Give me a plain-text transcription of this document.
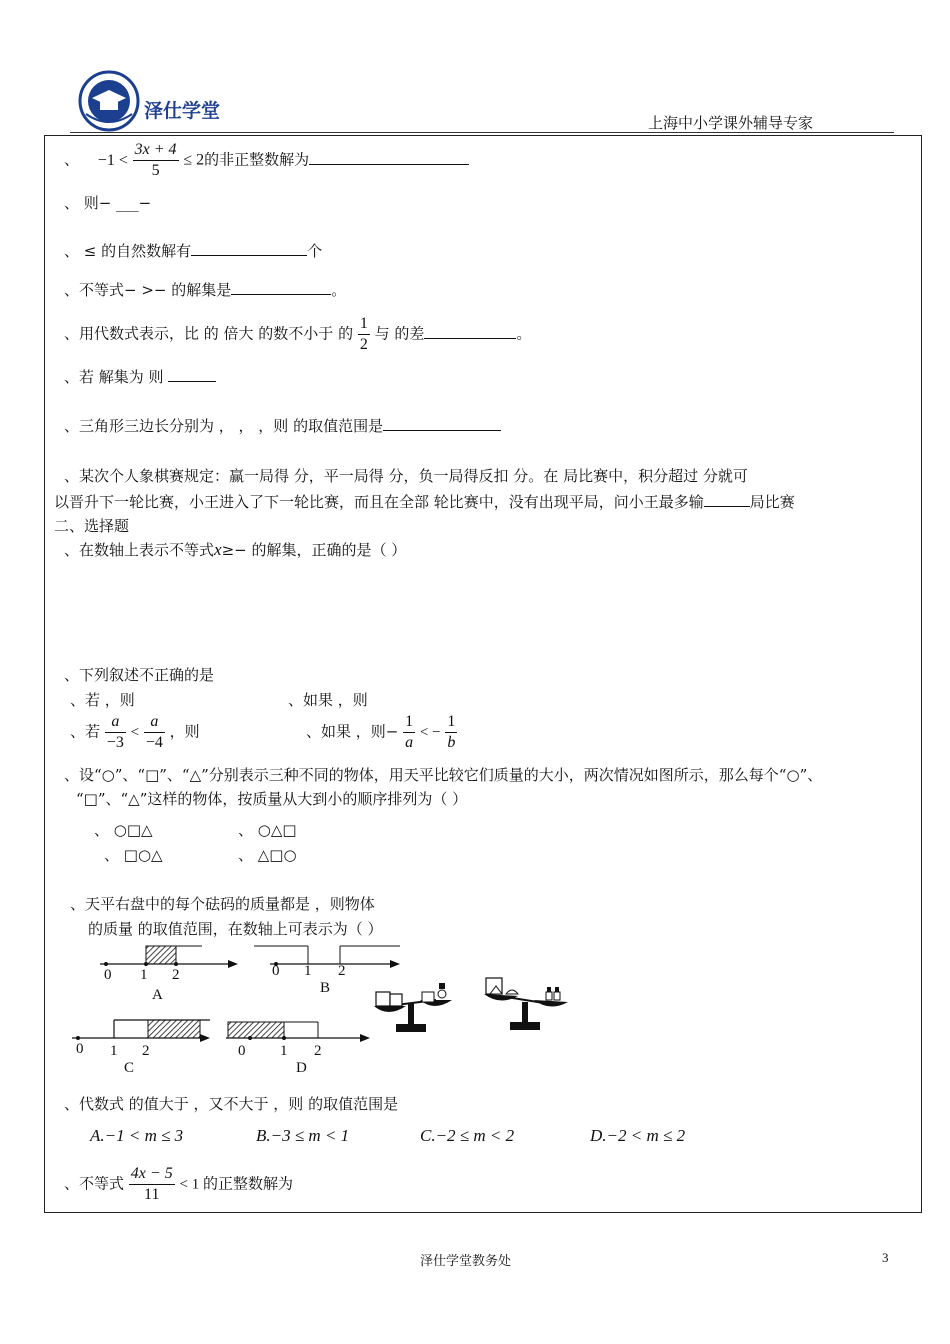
泽仕学堂
上海中小学课外辅导专家
、 $-1 < \frac{3x + 4}{5} \le 2$的非正整数解为
、 则− ___−
、 ≤ 的自然数解有	个
、不等式− >− 的解集是	。
、用代数式表示，比 的 倍大 的数不小于 的 $\frac{1}{2}$ 与 的差	。
、若 解集为 则
、三角形三边长分别为 ， ， ，则 的取值范围是
、某次个人象棋赛规定：赢一局得 分，平一局得 分，负一局得反扣 分。在 局比赛中，积分超过 分就可
以晋升下一轮比赛，小王进入了下一轮比赛，而且在全部 轮比赛中，没有出现平局，问小王最多输	局比赛
二、选择题
、在数轴上表示不等式x≥− 的解集，正确的是（ ）
、下列叙述不正确的是
、若 ，则	、如果 ，则
、若 $\frac{a}{-3} < \frac{a}{-4}$ ，则	、如果 ，则− $\frac{1}{a}$ < − $\frac{1}{b}$
、设“○”、“□”、“△”分别表示三种不同的物体，用天平比较它们质量的大小，两次情况如图所示，那么每个“○”、
“□”、“△”这样的物体，按质量从大到小的顺序排列为（ ）
、 ○□△	、 ○△□
、 □○△	、 △□○
、天平右盘中的每个砝码的质量都是 ，则物体
的质量 的取值范围，在数轴上可表示为（ ）
0 1 2
A
0 1 2
B
0 1 2
C
0 1 2
D
、代数式 的值大于 ，又不大于 ，则 的取值范围是
A.−1 < m ≤ 3	B.−3 ≤ m < 1	C.−2 ≤ m < 2	D.−2 < m ≤ 2
、不等式 $\frac{4x - 5}{11} < 1$ 的正整数解为
泽仕学堂教务处	3
